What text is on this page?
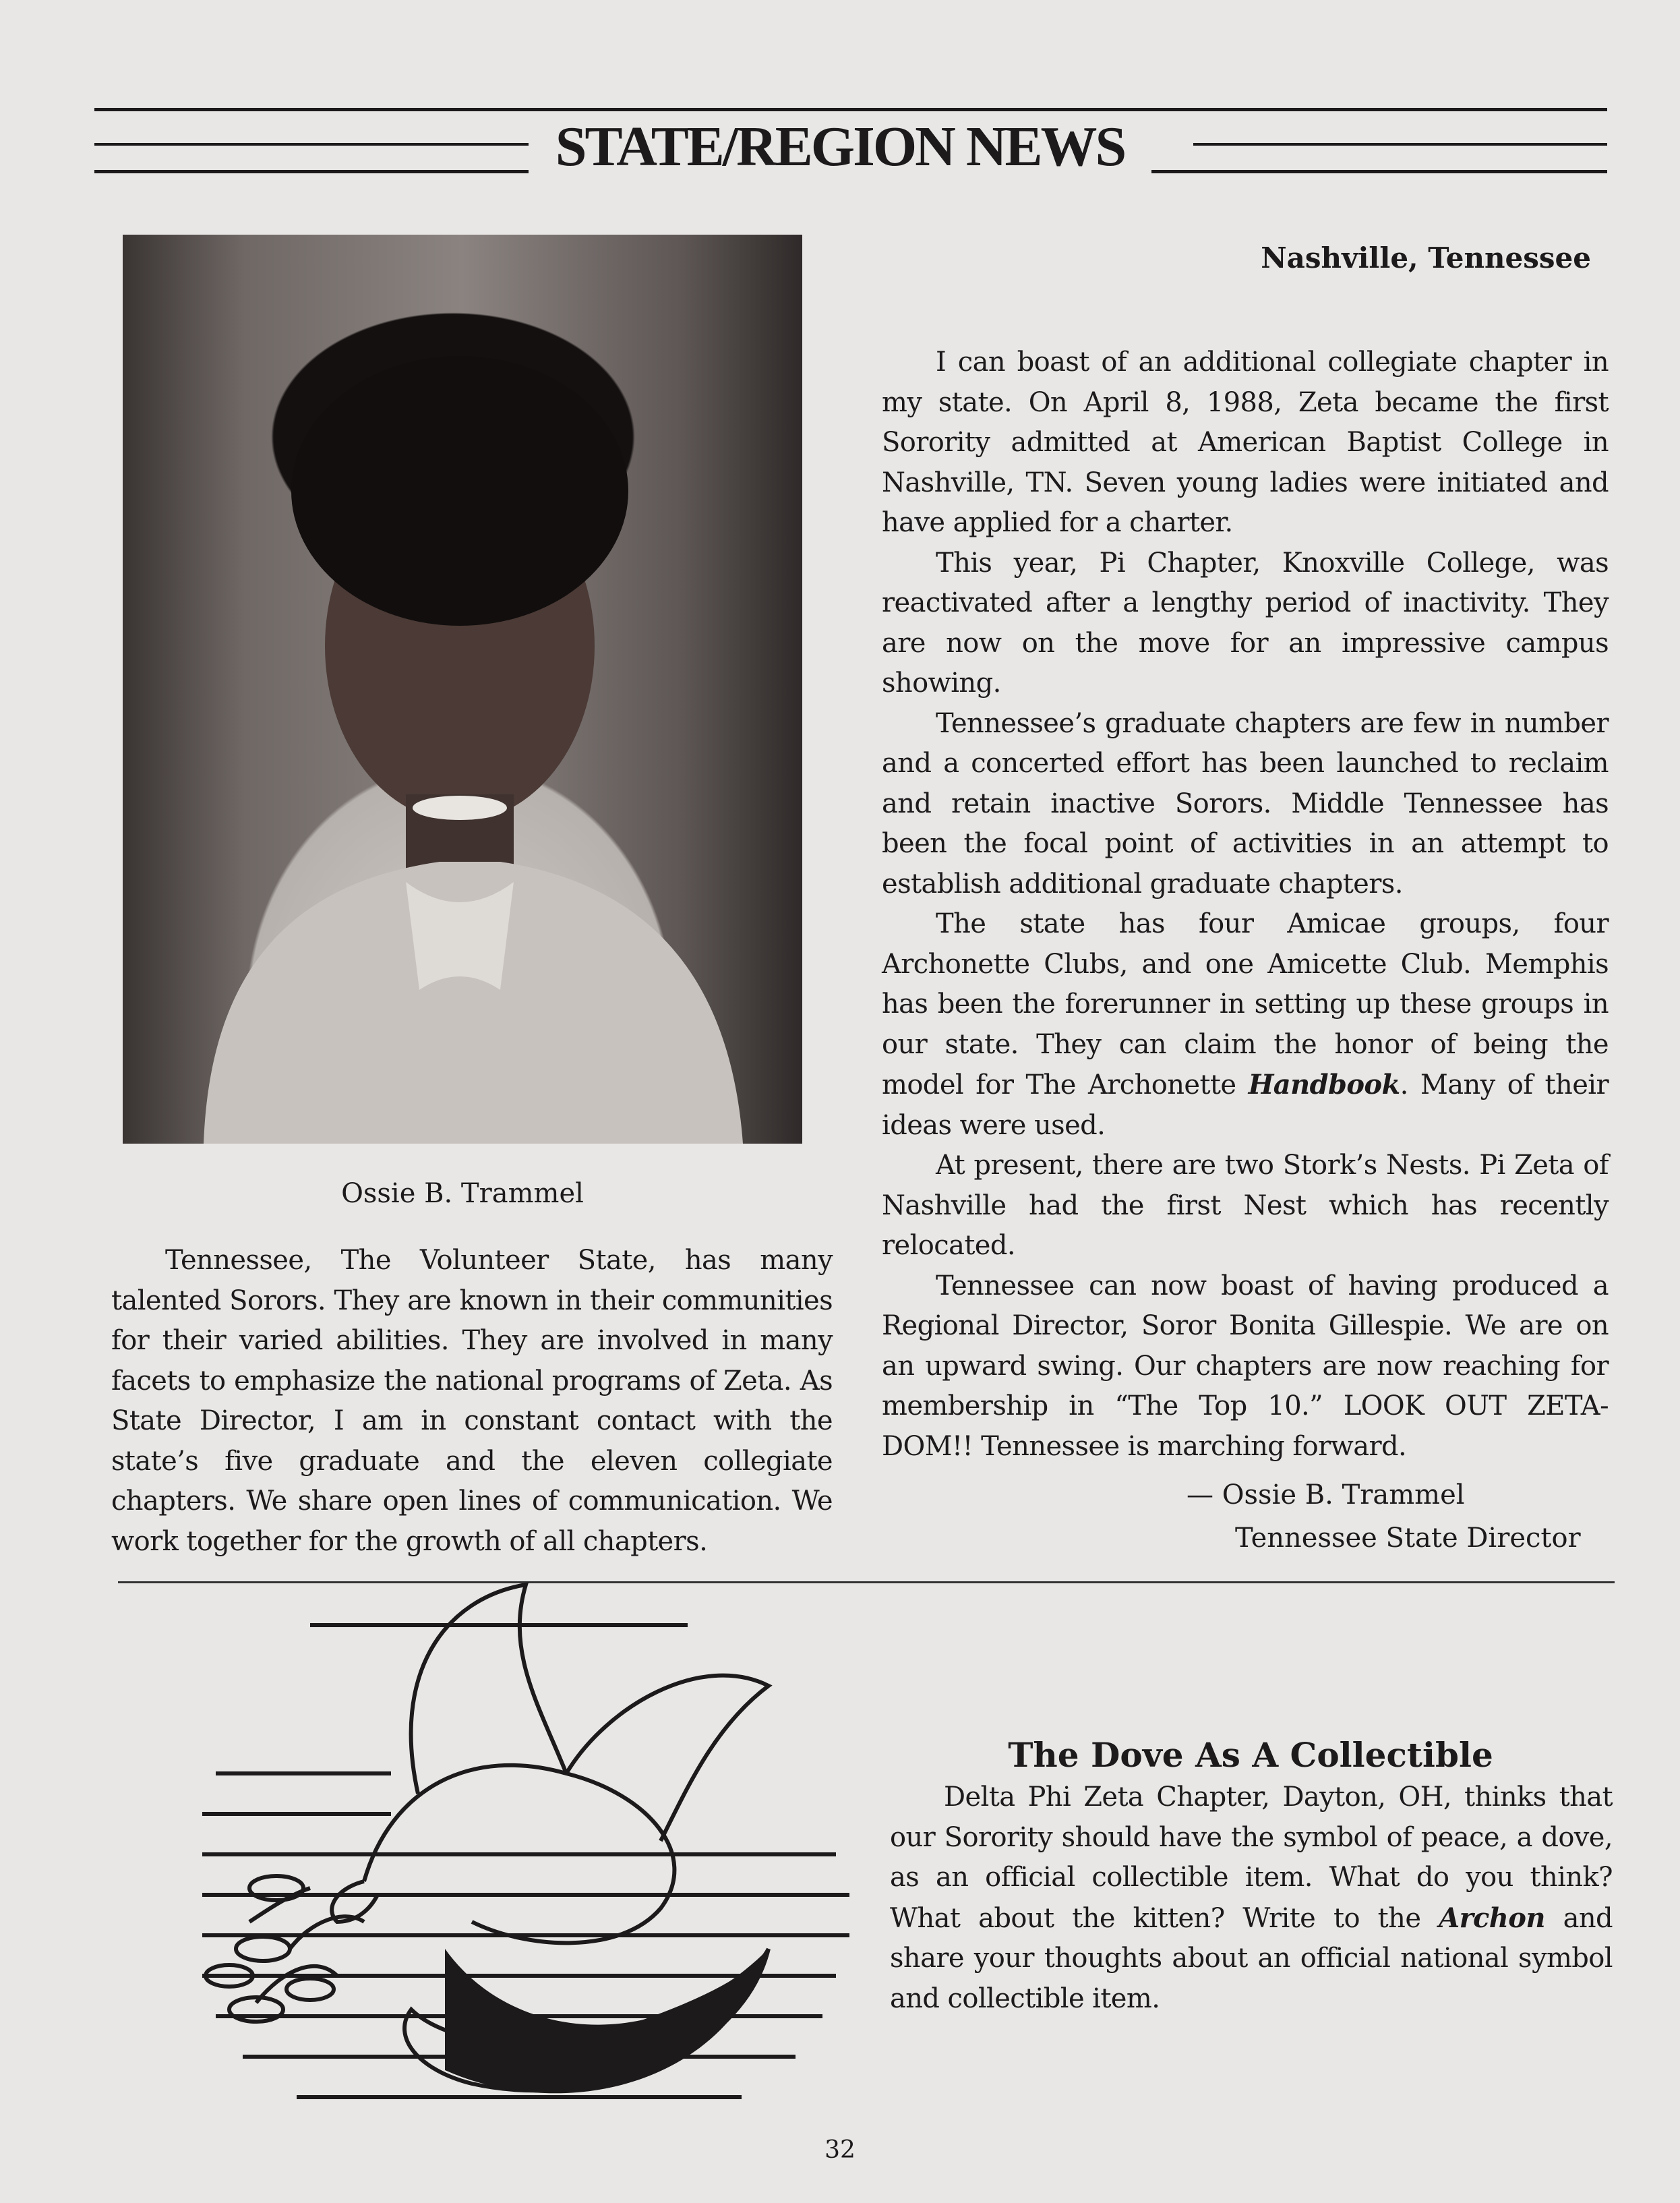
STATE/REGION NEWS
Ossie B. Trammel

Tennessee, The Volunteer State, has many talented Sorors. They are known in their communities for their varied abilities. They are involved in many facets to emphasize the national programs of Zeta. As State Director, I am in constant contact with the state’s five graduate and the eleven collegiate chapters. We share open lines of communication. We work together for the growth of all chapters.

Nashville, Tennessee

I can boast of an additional collegiate chapter in my state. On April 8, 1988, Zeta became the first Sorority admitted at American Baptist College in Nashville, TN. Seven young ladies were initiated and have applied for a charter.

This year, Pi Chapter, Knoxville College, was reactivated after a lengthy period of inactivity. They are now on the move for an impressive campus showing.

Tennessee’s graduate chapters are few in number and a concerted effort has been launched to reclaim and retain inactive Sorors. Middle Tennessee has been the focal point of activities in an attempt to establish additional graduate chapters.

The state has four Amicae groups, four Archonette Clubs, and one Amicette Club. Memphis has been the forerunner in setting up these groups in our state. They can claim the honor of being the model for The Archonette Handbook. Many of their ideas were used.

At present, there are two Stork’s Nests. Pi Zeta of Nashville had the first Nest which has recently relocated.

Tennessee can now boast of having produced a Regional Director, Soror Bonita Gillespie. We are on an upward swing. Our chapters are now reaching for membership in “The Top 10.” LOOK OUT ZETA-DOM!! Tennessee is marching forward.

— Ossie B. Trammel
Tennessee State Director
The Dove As A Collectible

Delta Phi Zeta Chapter, Dayton, OH, thinks that our Sorority should have the symbol of peace, a dove, as an official collectible item. What do you think? What about the kitten? Write to the Archon and share your thoughts about an official national symbol and collectible item.

32
